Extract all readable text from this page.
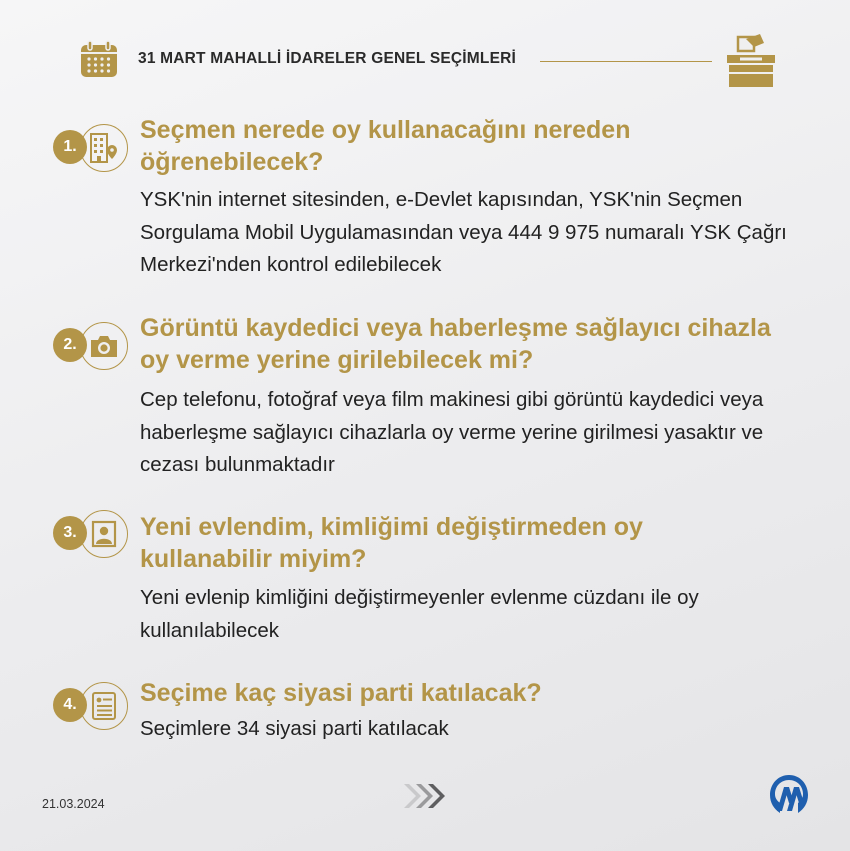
31 MART MAHALLİ İDARELER GENEL SEÇİMLERİ
1.
Seçmen nerede oy kullanacağını nereden öğrenebilecek?
YSK'nin internet sitesinden, e-Devlet kapısından, YSK'nin Seçmen Sorgulama Mobil Uygulamasından veya 444 9 975 numaralı YSK Çağrı Merkezi'nden kontrol edilebilecek
2.
Görüntü kaydedici veya haberleşme sağlayıcı cihazla oy verme yerine girilebilecek mi?
Cep telefonu, fotoğraf veya film makinesi gibi görüntü kaydedici veya haberleşme sağlayıcı cihazlarla oy verme yerine girilmesi yasaktır ve cezası bulunmaktadır
3.	Yeni evlendim, kimliğimi değiştirmeden oy kullanabilir miyim?
Yeni evlenip kimliğini değiştirmeyenler evlenme cüzdanı ile oy kullanılabilecek
4.	Seçime kaç siyasi parti katılacak?
Seçimlere 34 siyasi parti katılacak
21.03.2024
